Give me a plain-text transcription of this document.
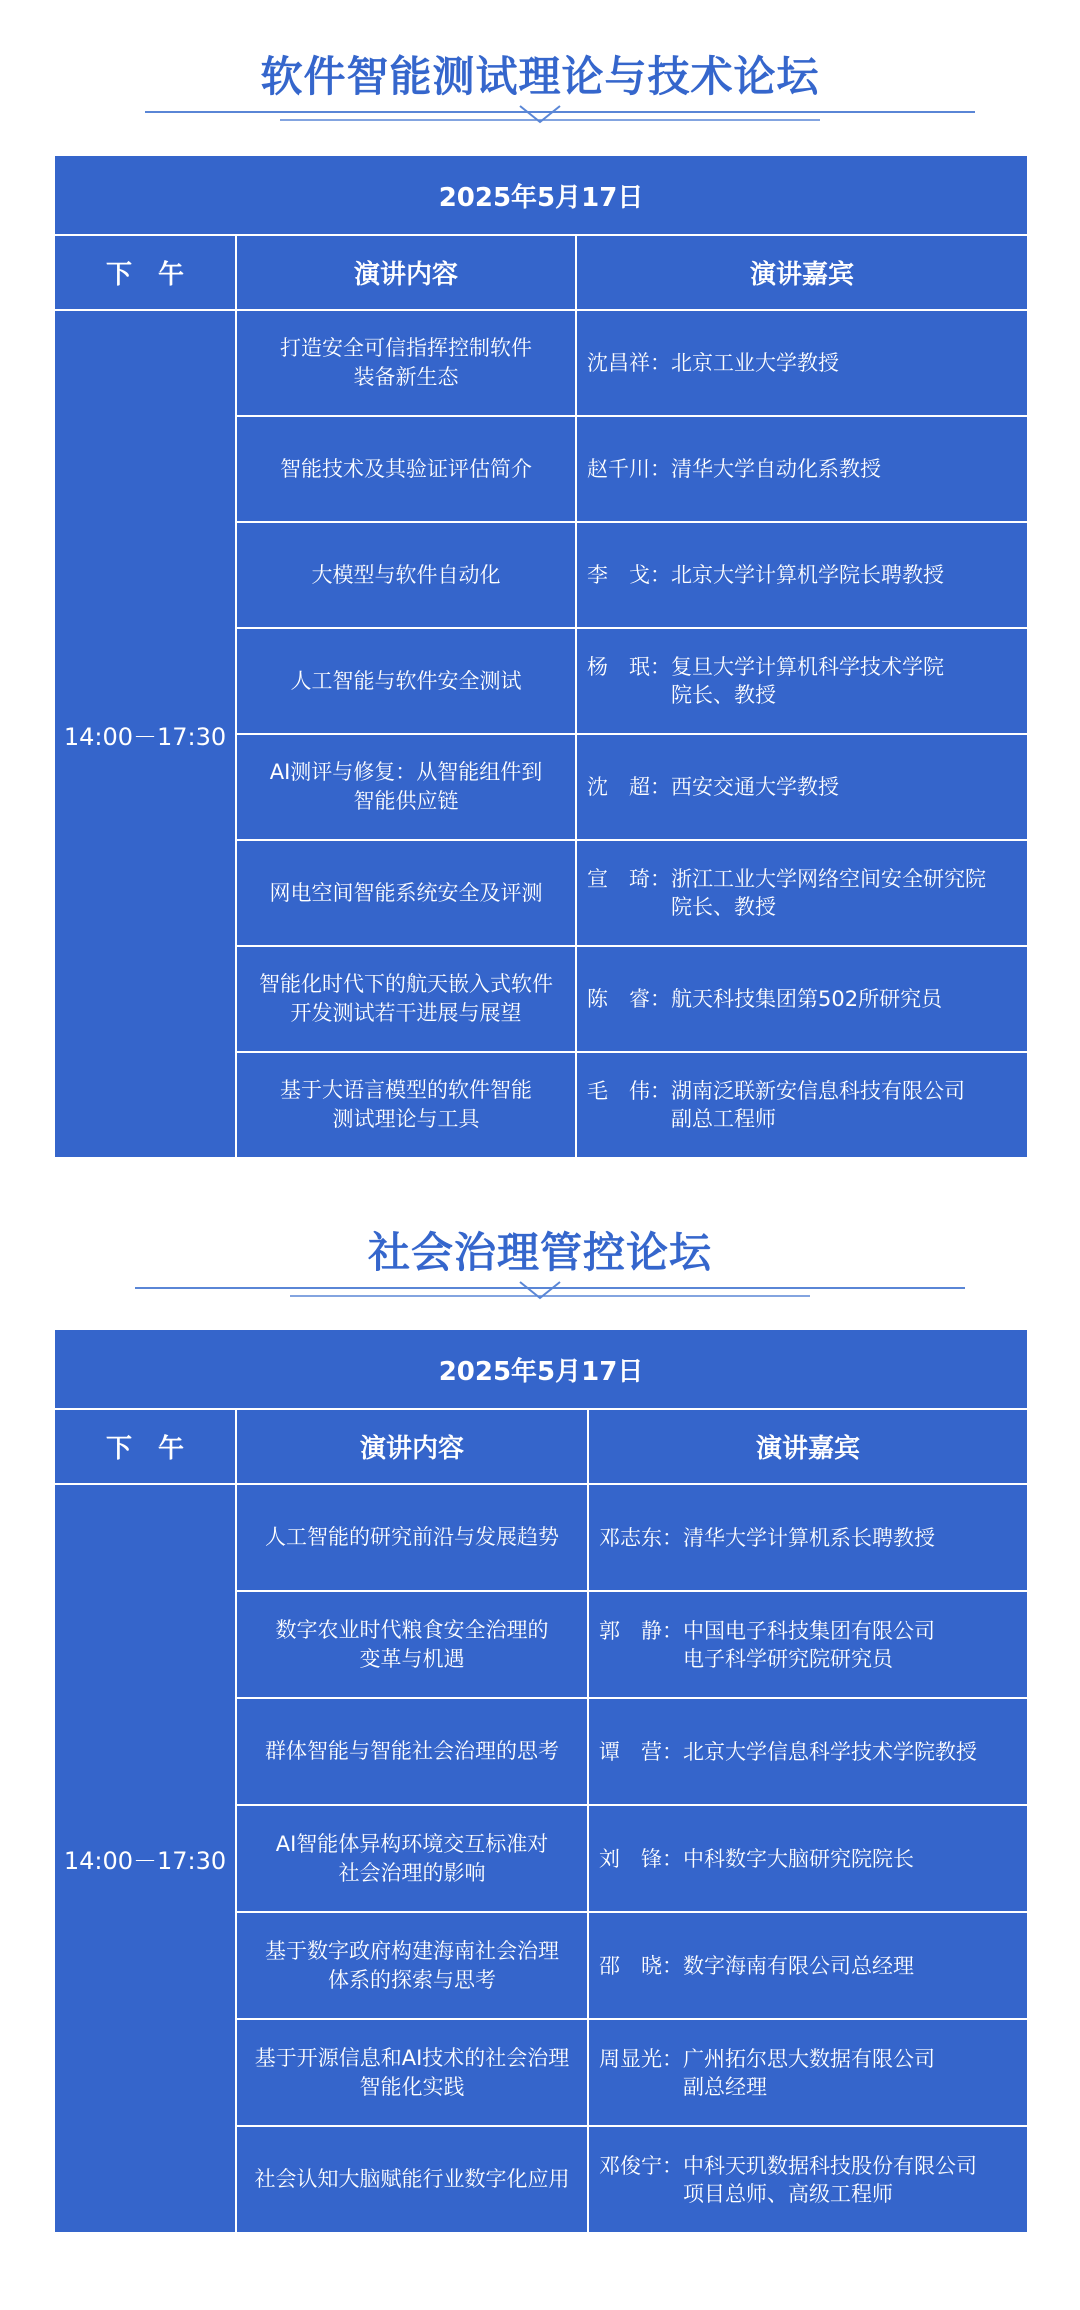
软件智能测试理论与技术论坛
2025年5月17日		
下　午	演讲内容	演讲嘉宾
14:00－17:30	打造安全可信指挥控制软件
装备新生态	沈昌祥 ： 北京工业大学教授

	智能技术及其验证评估简介	赵千川 ： 清华大学自动化系教授

	大模型与软件自动化	李　戈 ： 北京大学计算机学院长聘教授

	人工智能与软件安全测试	杨　珉 ： 复旦大学计算机科学技术学院
院长、教授

	AI测评与修复：从智能组件到
智能供应链	沈　超 ： 西安交通大学教授

	网电空间智能系统安全及评测	宣　琦 ： 浙江工业大学网络空间安全研究院
院长、教授

	智能化时代下的航天嵌入式软件
开发测试若干进展与展望	陈　睿 ： 航天科技集团第502所研究员

	基于大语言模型的软件智能
测试理论与工具	毛　伟 ： 湖南泛联新安信息科技有限公司
副总工程师
社会治理管控论坛
2025年5月17日		
下　午	演讲内容	演讲嘉宾
14:00－17:30	人工智能的研究前沿与发展趋势	邓志东 ： 清华大学计算机系长聘教授

	数字农业时代粮食安全治理的
变革与机遇	郭　静 ： 中国电子科技集团有限公司
电子科学研究院研究员

	群体智能与智能社会治理的思考	谭　营 ： 北京大学信息科学技术学院教授

	AI智能体异构环境交互标准对
社会治理的影响	刘　锋 ： 中科数字大脑研究院院长

	基于数字政府构建海南社会治理
体系的探索与思考	邵　晓 ： 数字海南有限公司总经理

	基于开源信息和AI技术的社会治理
智能化实践	周显光 ： 广州拓尔思大数据有限公司
副总经理

	社会认知大脑赋能行业数字化应用	邓俊宁 ： 中科天玑数据科技股份有限公司
项目总师、高级工程师
